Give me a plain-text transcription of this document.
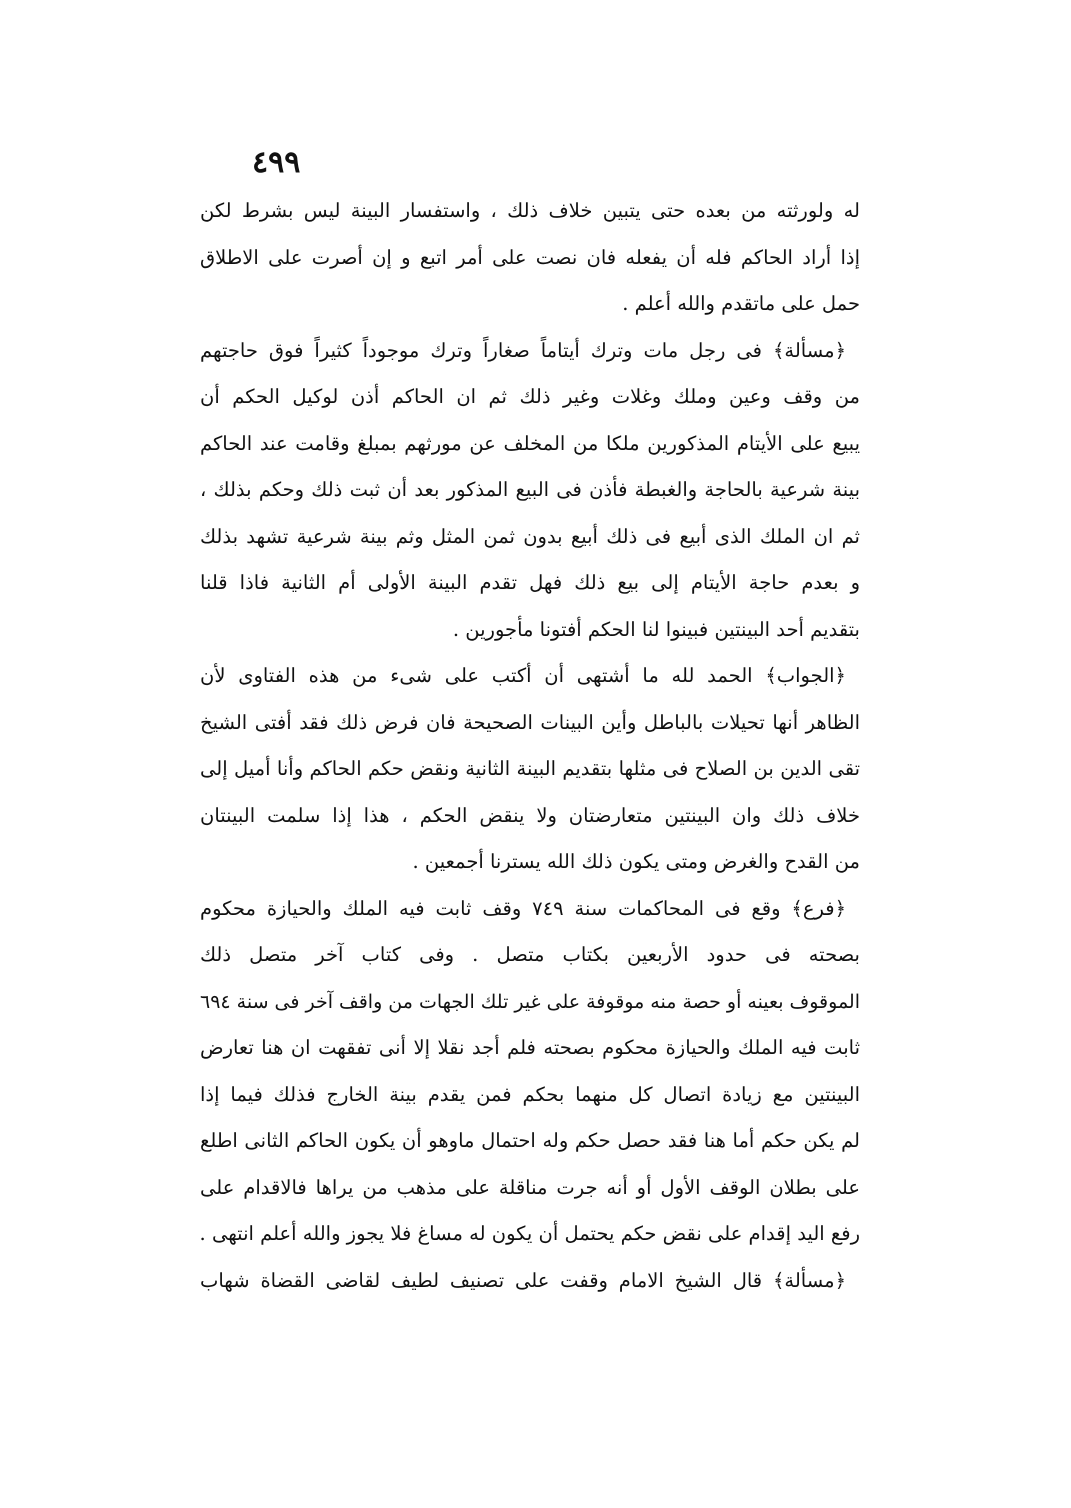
٤٩٩
له ولورثته من بعده حتى يتبين خلاف ذلك ، واستفسار البينة ليس بشرط لكن
إذا أراد الحاكم فله أن يفعله فان نصت على أمر اتبع و إن أصرت على الاطلاق
حمل على ماتقدم والله أعلم .
﴿مسألة﴾ فى رجل مات وترك أيتاماً صغاراً وترك موجوداً كثيراً فوق حاجتهم
من وقف وعين وملك وغلات وغير ذلك ثم ان الحاكم أذن لوكيل الحكم أن
يبيع على الأيتام المذكورين ملكا من المخلف عن مورثهم بمبلغ وقامت عند الحاكم
بينة شرعية بالحاجة والغبطة فأذن فى البيع المذكور بعد أن ثبت ذلك وحكم بذلك ،
ثم ان الملك الذى أبيع فى ذلك أبيع بدون ثمن المثل وثم بينة شرعية تشهد بذلك
و بعدم حاجة الأيتام إلى بيع ذلك فهل تقدم البينة الأولى أم الثانية فاذا قلنا
بتقديم أحد البينتين فبينوا لنا الحكم أفتونا مأجورين .
﴿الجواب﴾ الحمد لله ما أشتهى أن أكتب على شىء من هذه الفتاوى لأن
الظاهر أنها تحيلات بالباطل وأين البينات الصحيحة فان فرض ذلك فقد أفتى الشيخ
تقى الدين بن الصلاح فى مثلها بتقديم البينة الثانية ونقض حكم الحاكم وأنا أميل إلى
خلاف ذلك وان البينتين متعارضتان ولا ينقض الحكم ، هذا إذا سلمت البينتان
من القدح والغرض ومتى يكون ذلك الله يسترنا أجمعين .
﴿فرع﴾ وقع فى المحاكمات سنة ٧٤٩ وقف ثابت فيه الملك والحيازة محكوم
بصحته فى حدود الأربعين بكتاب متصل . وفى كتاب آخر متصل ذلك
الموقوف بعينه أو حصة منه موقوفة على غير تلك الجهات من واقف آخر فى سنة ٦٩٤
ثابت فيه الملك والحيازة محكوم بصحته فلم أجد نقلا إلا أنى تفقهت ان هنا تعارض
البينتين مع زيادة اتصال كل منهما بحكم فمن يقدم بينة الخارج فذلك فيما إذا
لم يكن حكم أما هنا فقد حصل حكم وله احتمال ماوهو أن يكون الحاكم الثانى اطلع
على بطلان الوقف الأول أو أنه جرت مناقلة على مذهب من يراها فالاقدام على
رفع اليد إقدام على نقض حكم يحتمل أن يكون له مساغ فلا يجوز والله أعلم انتهى .
﴿مسألة﴾ قال الشيخ الامام وقفت على تصنيف لطيف لقاضى القضاة شهاب
